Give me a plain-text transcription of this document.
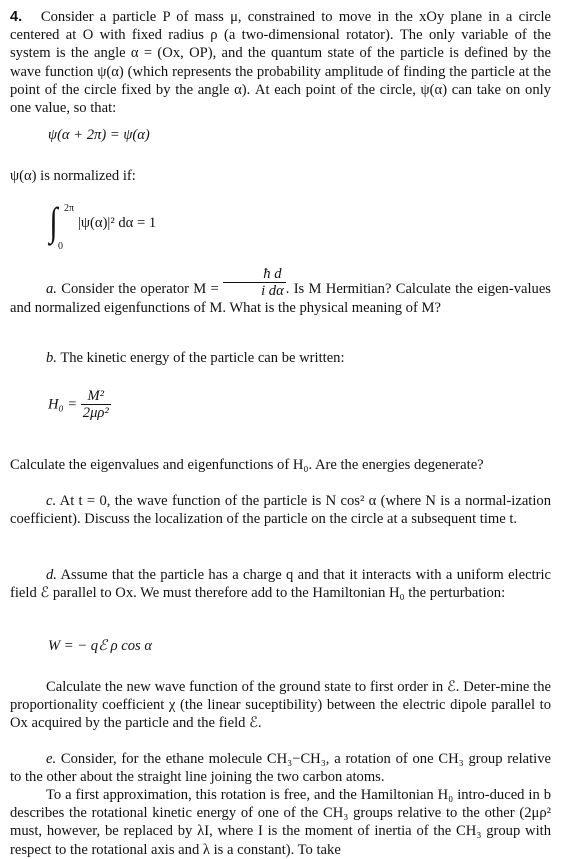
4. Consider a particle P of mass μ, constrained to move in the xOy plane in a circle centered at O with fixed radius ρ (a two-dimensional rotator). The only variable of the system is the angle α = (Ox, OP), and the quantum state of the particle is defined by the wave function ψ(α) (which represents the probability amplitude of finding the particle at the point of the circle fixed by the angle α). At each point of the circle, ψ(α) can take on only one value, so that:
ψ(α + 2π) = ψ(α)
ψ(α) is normalized if:
∫ 2π
0
|ψ(α)|² dα = 1
a. Consider the operator $M = \frac{\text{ħ d}}{\text{i dα}}$ . Is M Hermitian? Calculate the eigen-values and normalized eigenfunctions of M. What is the physical meaning of M?
b. The kinetic energy of the particle can be written:
$H_0 = \frac{\text{M²}}{\text{2μρ²}}$
Calculate the eigenvalues and eigenfunctions of H₀. Are the energies degenerate?
c. At t = 0, the wave function of the particle is N cos² α (where N is a normal-ization coefficient). Discuss the localization of the particle on the circle at a subsequent time t.
d. Assume that the particle has a charge q and that it interacts with a uniform electric field ℰ parallel to Ox. We must therefore add to the Hamiltonian H₀ the perturbation:
W = − qℰ ρ cos α
Calculate the new wave function of the ground state to first order in ℰ. Deter-mine the proportionality coefficient χ (the linear suceptibility) between the electric dipole parallel to Ox acquired by the particle and the field ℰ.
e. Consider, for the ethane molecule CH₃−CH₃, a rotation of one CH₃ group relative to the other about the straight line joining the two carbon atoms.
To a first approximation, this rotation is free, and the Hamiltonian H₀ intro-duced in b describes the rotational kinetic energy of one of the CH₃ groups relative to the other (2μρ² must, however, be replaced by λI, where I is the moment of inertia of the CH₃ group with respect to the rotational axis and λ is a constant). To take
